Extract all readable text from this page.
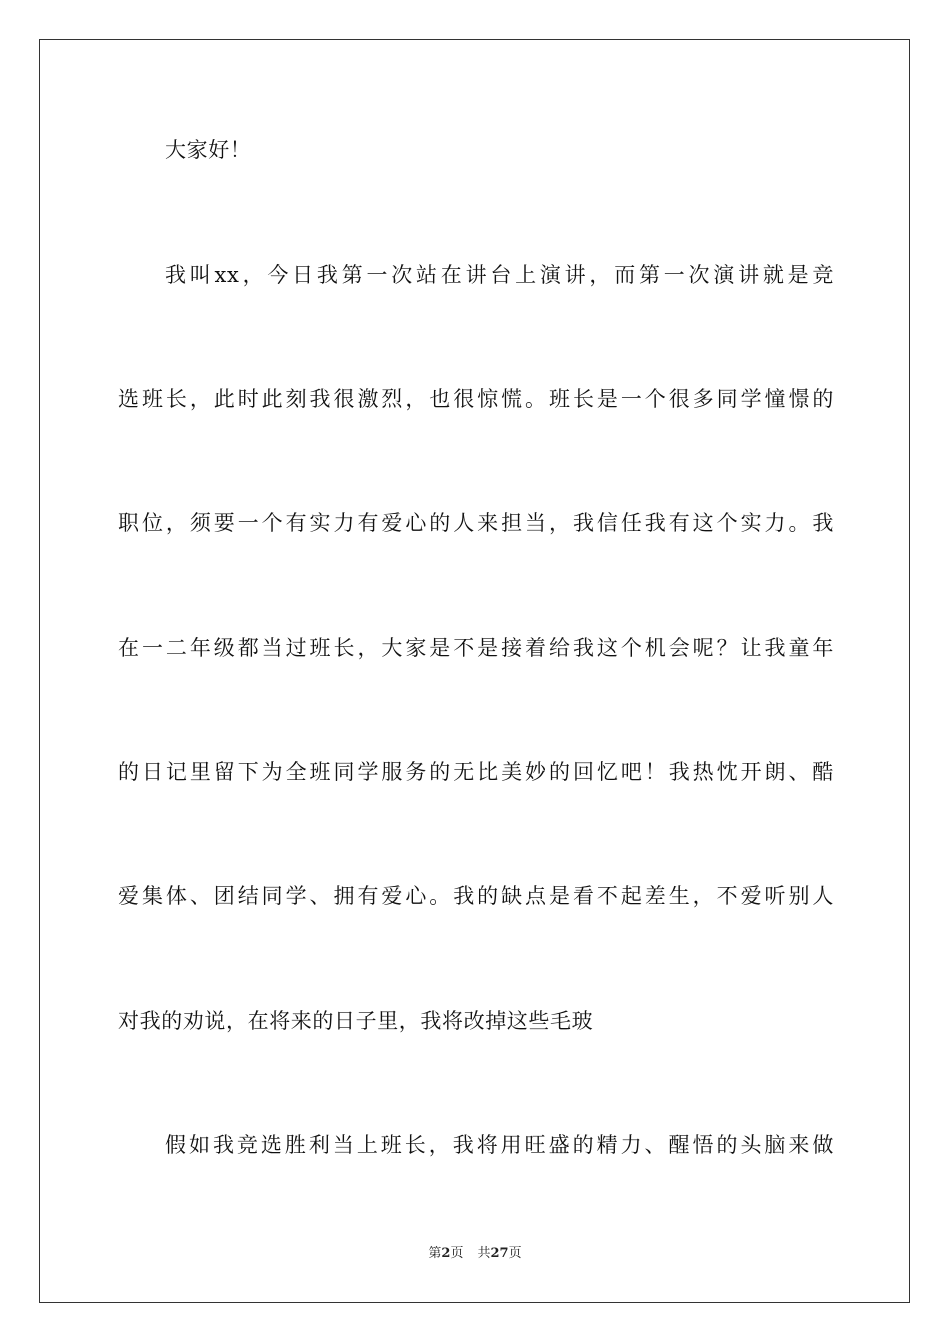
大家好！
我叫xx，今日我第一次站在讲台上演讲，而第一次演讲就是竞
选班长，此时此刻我很激烈，也很惊慌。班长是一个很多同学憧憬的
职位，须要一个有实力有爱心的人来担当，我信任我有这个实力。我
在一二年级都当过班长，大家是不是接着给我这个机会呢？让我童年
的日记里留下为全班同学服务的无比美妙的回忆吧！我热忱开朗、酷
爱集体、团结同学、拥有爱心。我的缺点是看不起差生，不爱听别人
对我的劝说，在将来的日子里，我将改掉这些毛玻
假如我竞选胜利当上班长，我将用旺盛的精力、醒悟的头脑来做
第2页 共27页
